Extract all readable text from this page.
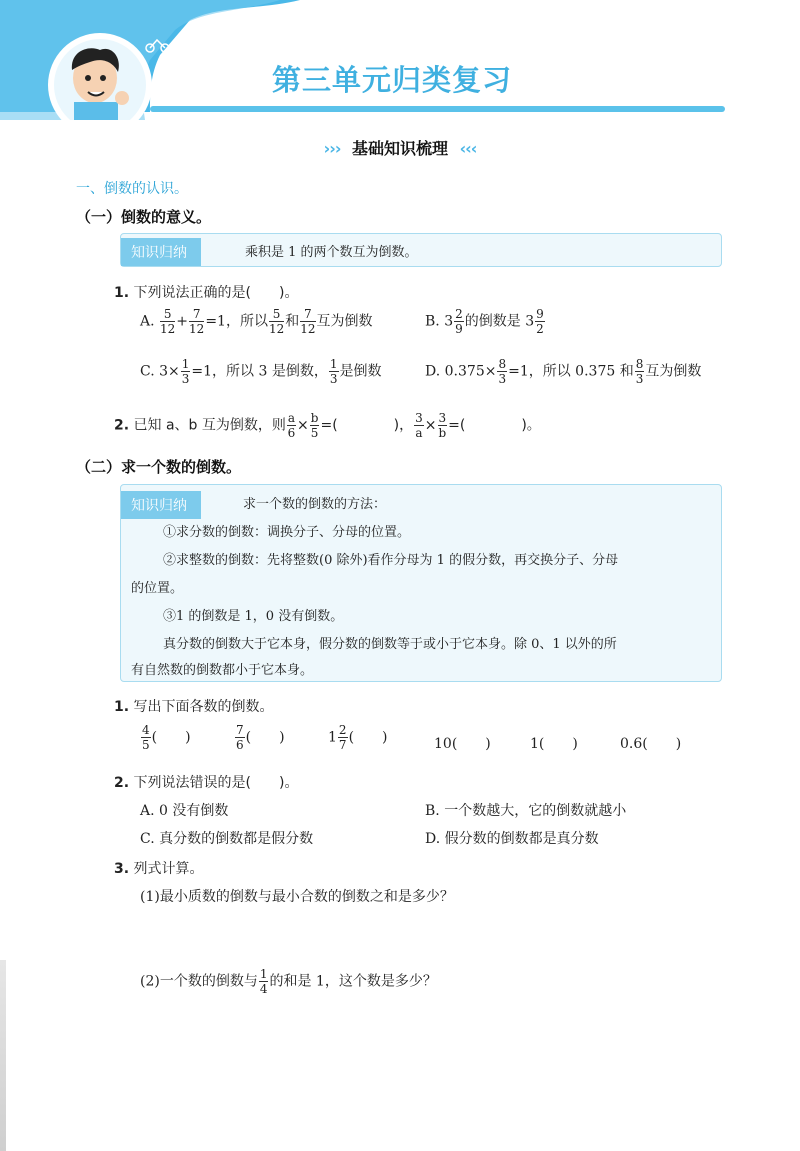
第三单元归类复习
››› 基础知识梳理 ‹‹‹
一、倒数的认识。
（一）倒数的意义。
知识归纳	乘积是 1 的两个数互为倒数。
1. 下列说法正确的是(　　)。
A. $\frac{5}{12} + \frac{7}{12} =1$，所以 $\frac{5}{12}$ 和 $\frac{7}{12}$ 互为倒数	B. $3 \frac{2}{9}$ 的倒数是 $3 \frac{9}{2}$
C. $3\times \frac{1}{3} =1$，所以 3 是倒数， $\frac{1}{3}$ 是倒数	D. $0.375\times \frac{8}{3} =1$，所以 0.375 和 $\frac{8}{3}$ 互为倒数
2. 已知 a、b 互为倒数，则 $\frac{a}{6} \times \frac{b}{5}$ =(　　　　)， $\frac{3}{a} \times \frac{3}{b}$ =(　　　　)。
（二）求一个数的倒数。
知识归纳	求一个数的倒数的方法：
①求分数的倒数：调换分子、分母的位置。
②求整数的倒数：先将整数(0 除外)看作分母为 1 的假分数，再交换分子、分母
的位置。
③1 的倒数是 1，0 没有倒数。
真分数的倒数大于它本身，假分数的倒数等于或小于它本身。除 0、1 以外的所
有自然数的倒数都小于它本身。
1. 写出下面各数的倒数。
$\frac{4}{5}$ (　　)	$\frac{7}{6}$ (　　)	$1 \frac{2}{7}$ (　　)	10(　　)	1(　　)	0.6(　　)
2. 下列说法错误的是(　　)。
A. 0 没有倒数	B. 一个数越大，它的倒数就越小
C. 真分数的倒数都是假分数	D. 假分数的倒数都是真分数
3. 列式计算。
(1)最小质数的倒数与最小合数的倒数之和是多少？
(2)一个数的倒数与 $\frac{1}{4}$ 的和是 1，这个数是多少？
